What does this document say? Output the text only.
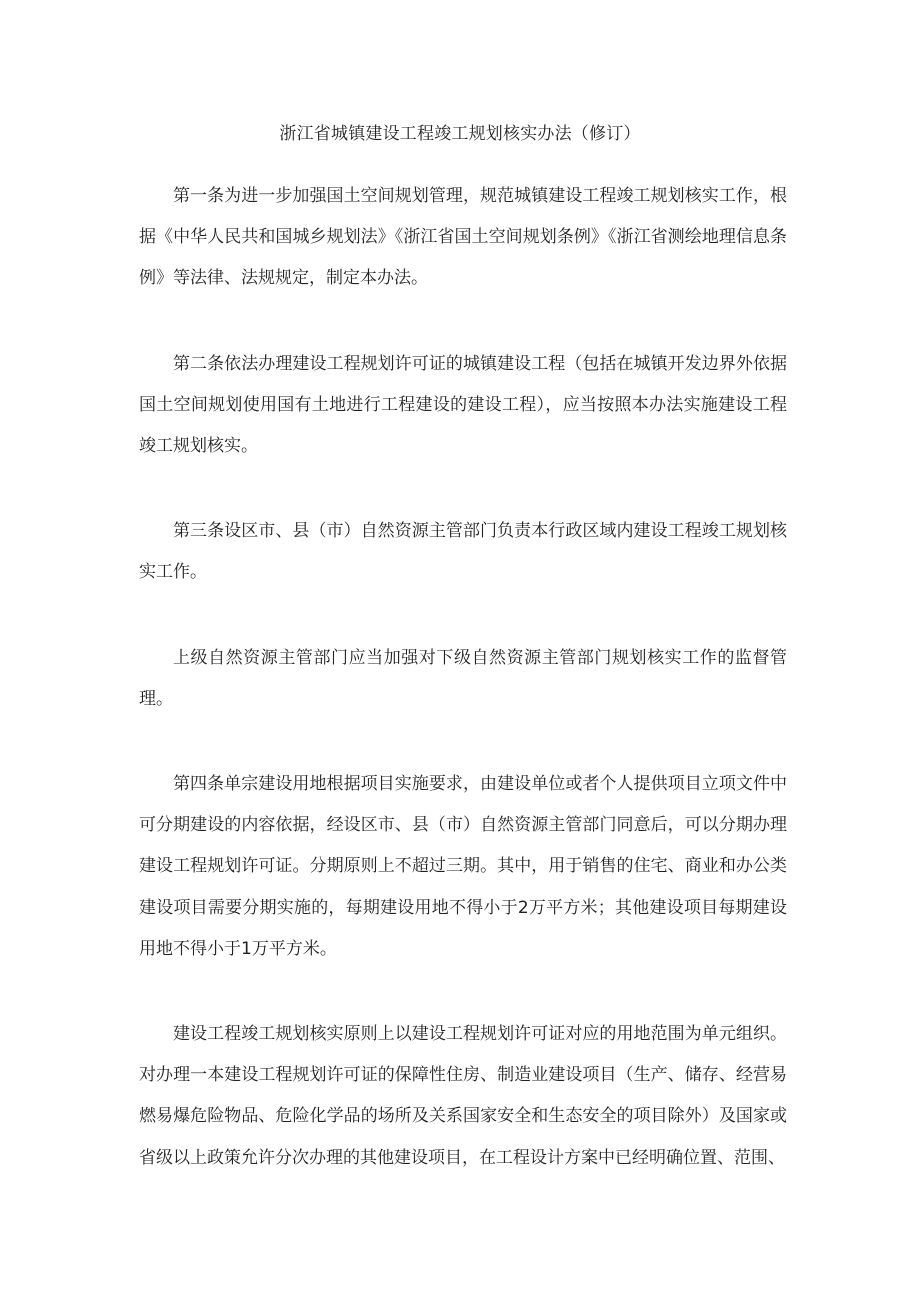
浙江省城镇建设工程竣工规划核实办法（修订）

第一条为进一步加强国土空间规划管理，规范城镇建设工程竣工规划核实工作，根据《中华人民共和国城乡规划法》《浙江省国土空间规划条例》《浙江省测绘地理信息条例》等法律、法规规定，制定本办法。

第二条依法办理建设工程规划许可证的城镇建设工程（包括在城镇开发边界外依据国土空间规划使用国有土地进行工程建设的建设工程），应当按照本办法实施建设工程竣工规划核实。

第三条设区市、县（市）自然资源主管部门负责本行政区域内建设工程竣工规划核实工作。

上级自然资源主管部门应当加强对下级自然资源主管部门规划核实工作的监督管理。

第四条单宗建设用地根据项目实施要求，由建设单位或者个人提供项目立项文件中可分期建设的内容依据，经设区市、县（市）自然资源主管部门同意后，可以分期办理建设工程规划许可证。分期原则上不超过三期。其中，用于销售的住宅、商业和办公类建设项目需要分期实施的，每期建设用地不得小于2万平方米；其他建设项目每期建设用地不得小于1万平方米。

建设工程竣工规划核实原则上以建设工程规划许可证对应的用地范围为单元组织。对办理一本建设工程规划许可证的保障性住房、制造业建设项目（生产、储存、经营易燃易爆危险物品、危险化学品的场所及关系国家安全和生态安全的项目除外）及国家或省级以上政策允许分次办理的其他建设项目，在工程设计方案中已经明确位置、范围、
